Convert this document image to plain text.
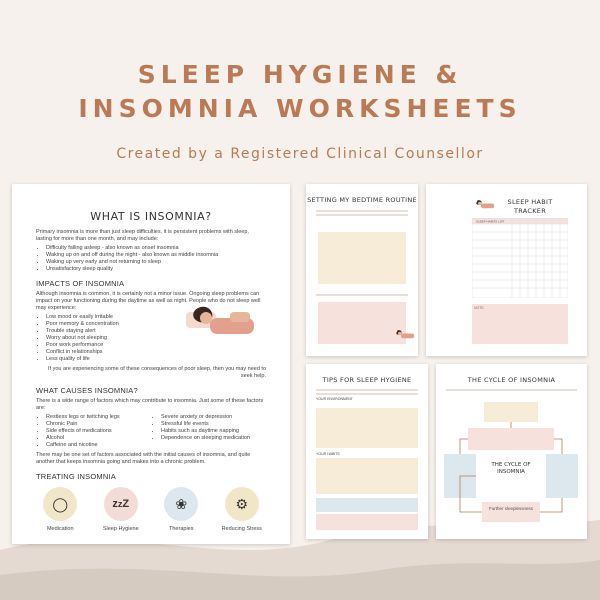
SLEEP HYGIENE &
INSOMNIA WORKSHEETS
Created by a Registered Clinical Counsellor
WHAT IS INSOMNIA?
Primary insomnia is more than just sleep difficulties, it is persistent problems with sleep, lasting for more than one month, and may include:
• Difficulty falling asleep - also known as onset insomnia
• Waking up on and off during the night - also known as middle insomnia
• Waking up very early and not returning to sleep
• Unsatisfactory sleep quality
IMPACTS OF INSOMNIA
Although insomnia is common, it is certainly not a minor issue. Ongoing sleep problems can impact on your functioning during the daytime as well as night. People who do not sleep well may experience:
• Low mood or easily irritable
• Poor memory & concentration
• Trouble staying alert
• Worry about not sleeping
• Poor work performance
• Conflict in relationships
• Less quality of life
If you are experiencing some of these consequences of poor sleep, then you may need to seek help.
WHAT CAUSES INSOMNIA?
There is a wide range of factors which may contribute to insomnia. Just some of these factors are:
• Restless legs or twitching legs
• Chronic Pain
• Side effects of medications
• Alcohol
• Caffeine and nicotine
• Severe anxiety or depression
• Stressful life events
• Habits such as daytime napping
• Dependence on sleeping medication
There may be one set of factors associated with the initial causes of insomnia, and quite another that keeps insomnia going and makes into a chronic problem.
TREATING INSOMNIA
◯
Medication
z z Z
Sleep Hygiene
❀
Therapies
⚙
Reducing Stress
SETTING MY BEDTIME ROUTINE	SLEEP HABIT TRACKER
SLEEP HABITS LIST
NOTE
TIPS FOR SLEEP HYGIENE
YOUR ENVIRONMENT
YOUR HABITS
THE CYCLE OF INSOMNIA
THE CYCLE OF INSOMNIA
Further sleeplessness
